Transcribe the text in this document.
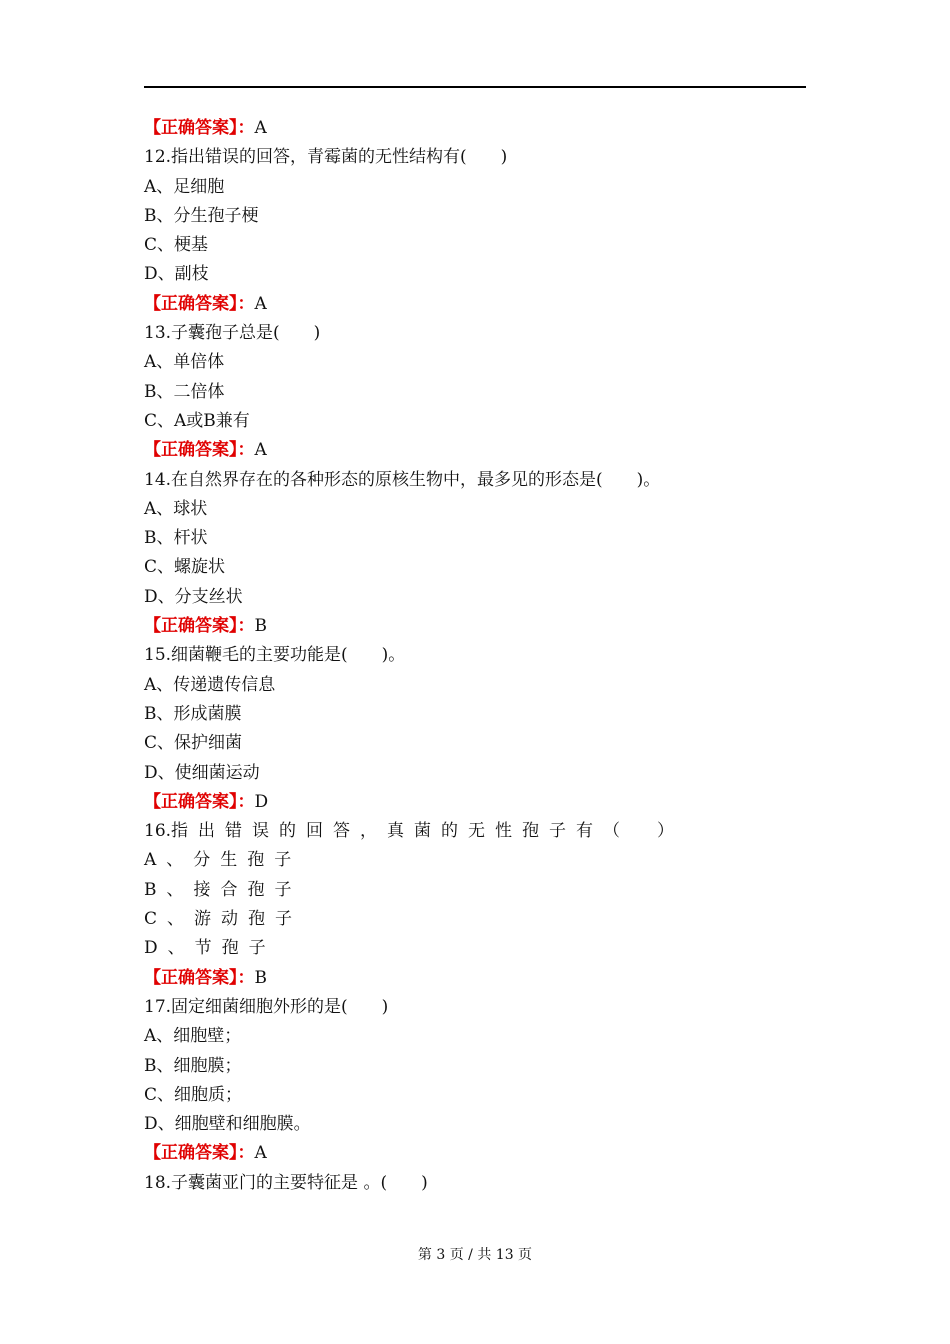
【正确答案】：A
12.指出错误的回答，青霉菌的无性结构有(　　)
A、足细胞
B、分生孢子梗
C、梗基
D、副枝
【正确答案】：A
13.子囊孢子总是(　　)
A、单倍体
B、二倍体
C、A或B兼有
【正确答案】：A
14.在自然界存在的各种形态的原核生物中，最多见的形态是(　　)。
A、球状
B、杆状
C、螺旋状
D、分支丝状
【正确答案】：B
15.细菌鞭毛的主要功能是(　　)。
A、传递遗传信息
B、形成菌膜
C、保护细菌
D、使细菌运动
【正确答案】：D
16.指出错误的回答，真菌的无性孢子有（　）
A、分生孢子
B、接合孢子
C、游动孢子
D、节孢子
【正确答案】：B
17.固定细菌细胞外形的是(　　)
A、细胞壁；
B、细胞膜；
C、细胞质；
D、细胞壁和细胞膜。
【正确答案】：A
18.子囊菌亚门的主要特征是 。(　　)
第 3 页 / 共 13 页
